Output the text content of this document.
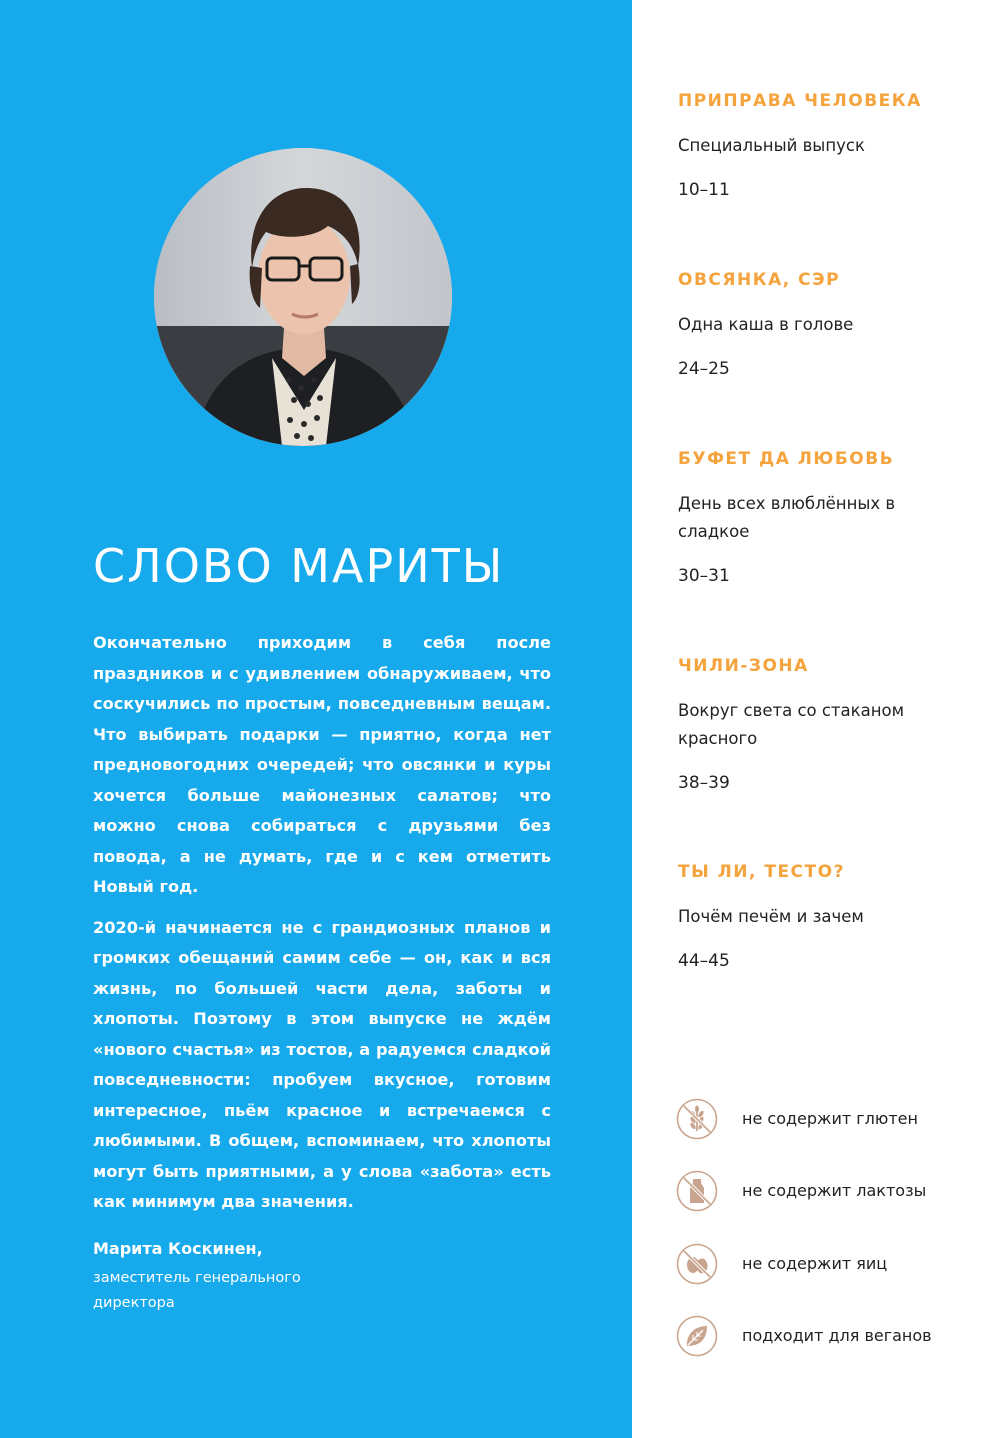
СЛОВО МАРИТЫ

Окончательно приходим в себя после праздников и с удивлением обнаруживаем, что соскучились по простым, повседневным вещам. Что выбирать подарки — приятно, когда нет предновогодних очередей; что овсянки и куры хочется больше майонезных салатов; что можно снова собираться с друзьями без повода, а не думать, где и с кем отметить Новый год.

2020-й начинается не с грандиозных планов и громких обещаний самим себе — он, как и вся жизнь, по большей части дела, заботы и хлопоты. Поэтому в этом выпуске не ждём «нового счастья» из тостов, а радуемся сладкой повседневности: пробуем вкусное, готовим интересное, пьём красное и встречаемся с любимыми. В общем, вспоминаем, что хлопоты могут быть приятными, а у слова «забота» есть как минимум два значения.

Марита Коскинен,
заместитель генерального директора
ПРИПРАВА ЧЕЛОВЕКА
Специальный выпуск
10–11
ОВСЯНКА, СЭР
Одна каша в голове
24–25
БУФЕТ ДА ЛЮБОВЬ
День всех влюблённых в сладкое
30–31
ЧИЛИ-ЗОНА
Вокруг света со стаканом красного
38–39
ТЫ ЛИ, ТЕСТО?
Почём печём и зачем
44–45
не содержит глютен
не содержит лактозы
не содержит яиц
подходит для веганов
